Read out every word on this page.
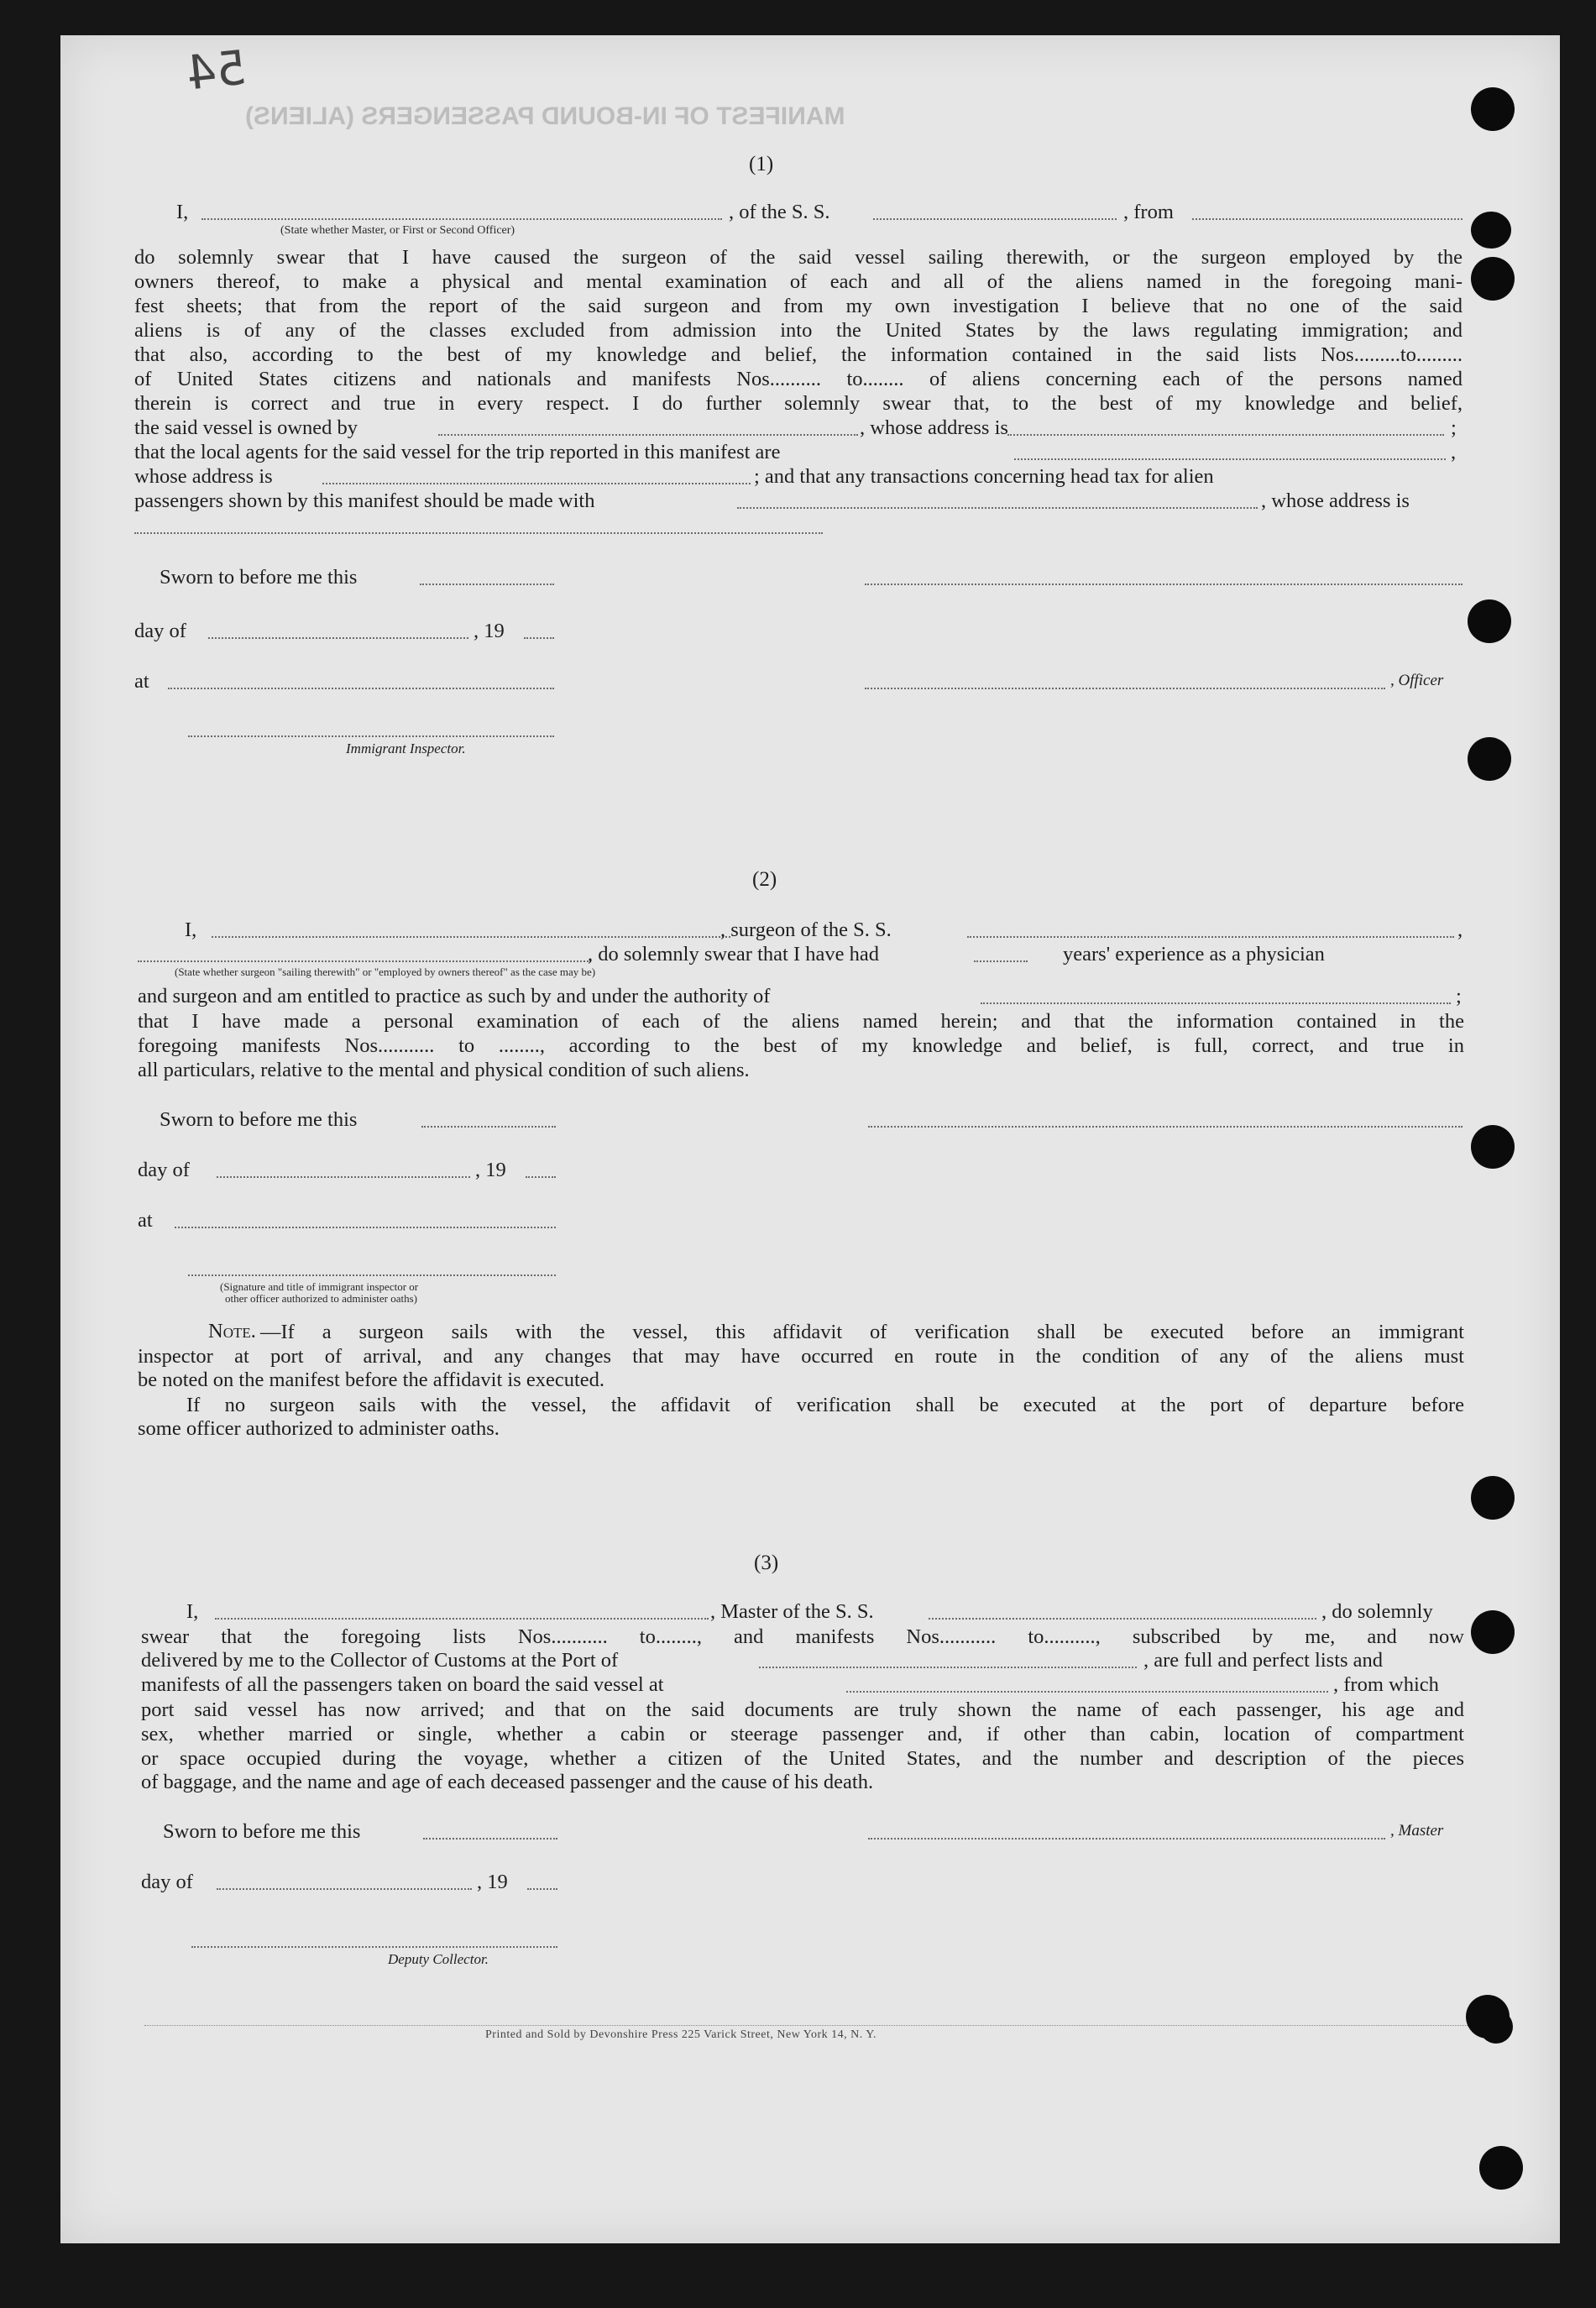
MANIFEST OF IN-BOUND PASSENGERS (ALIENS)
54
(1)
I,	, of the S. S.	, from
(State whether Master, or First or Second Officer)
do solemnly swear that I have caused the surgeon of the said vessel sailing therewith, or the surgeon employed by the
owners thereof, to make a physical and mental examination of each and all of the aliens named in the foregoing mani-
fest sheets; that from the report of the said surgeon and from my own investigation I believe that no one of the said
aliens is of any of the classes excluded from admission into the United States by the laws regulating immigration; and
that also, according to the best of my knowledge and belief, the information contained in the said lists Nos.........to.........
of United States citizens and nationals and manifests Nos.......... to........ of aliens concerning each of the persons named
therein is correct and true in every respect. I do further solemnly swear that, to the best of my knowledge and belief,
the said vessel is owned by	, whose address is	;
that the local agents for the said vessel for the trip reported in this manifest are	,
whose address is	; and that any transactions concerning head tax for alien
passengers shown by this manifest should be made with	, whose address is
Sworn to before me this
day of	, 19
at	, Officer
Immigrant Inspector.
(2)
I,	, surgeon of the S. S.	,
, do solemnly swear that I have had	years' experience as a physician
(State whether surgeon "sailing therewith" or "employed by owners thereof" as the case may be)
and surgeon and am entitled to practice as such by and under the authority of	;
that I have made a personal examination of each of the aliens named herein; and that the information contained in the
foregoing manifests Nos........... to ........, according to the best of my knowledge and belief, is full, correct, and true in
all particulars, relative to the mental and physical condition of such aliens.
Sworn to before me this
day of	, 19
at
(Signature and title of immigrant inspector or
other officer authorized to administer oaths)
Note. —If a surgeon sails with the vessel, this affidavit of verification shall be executed before an immigrant
inspector at port of arrival, and any changes that may have occurred en route in the condition of any of the aliens must
be noted on the manifest before the affidavit is executed.
If no surgeon sails with the vessel, the affidavit of verification shall be executed at the port of departure before
some officer authorized to administer oaths.
(3)
I,	, Master of the S. S.	, do solemnly
swear that the foregoing lists Nos........... to........, and manifests Nos........... to.........., subscribed by me, and now
delivered by me to the Collector of Customs at the Port of	, are full and perfect lists and
manifests of all the passengers taken on board the said vessel at	, from which
port said vessel has now arrived; and that on the said documents are truly shown the name of each passenger, his age and
sex, whether married or single, whether a cabin or steerage passenger and, if other than cabin, location of compartment
or space occupied during the voyage, whether a citizen of the United States, and the number and description of the pieces
of baggage, and the name and age of each deceased passenger and the cause of his death.
Sworn to before me this	, Master
day of	, 19
Deputy Collector.
Printed and Sold by Devonshire Press 225 Varick Street, New York 14, N. Y.
